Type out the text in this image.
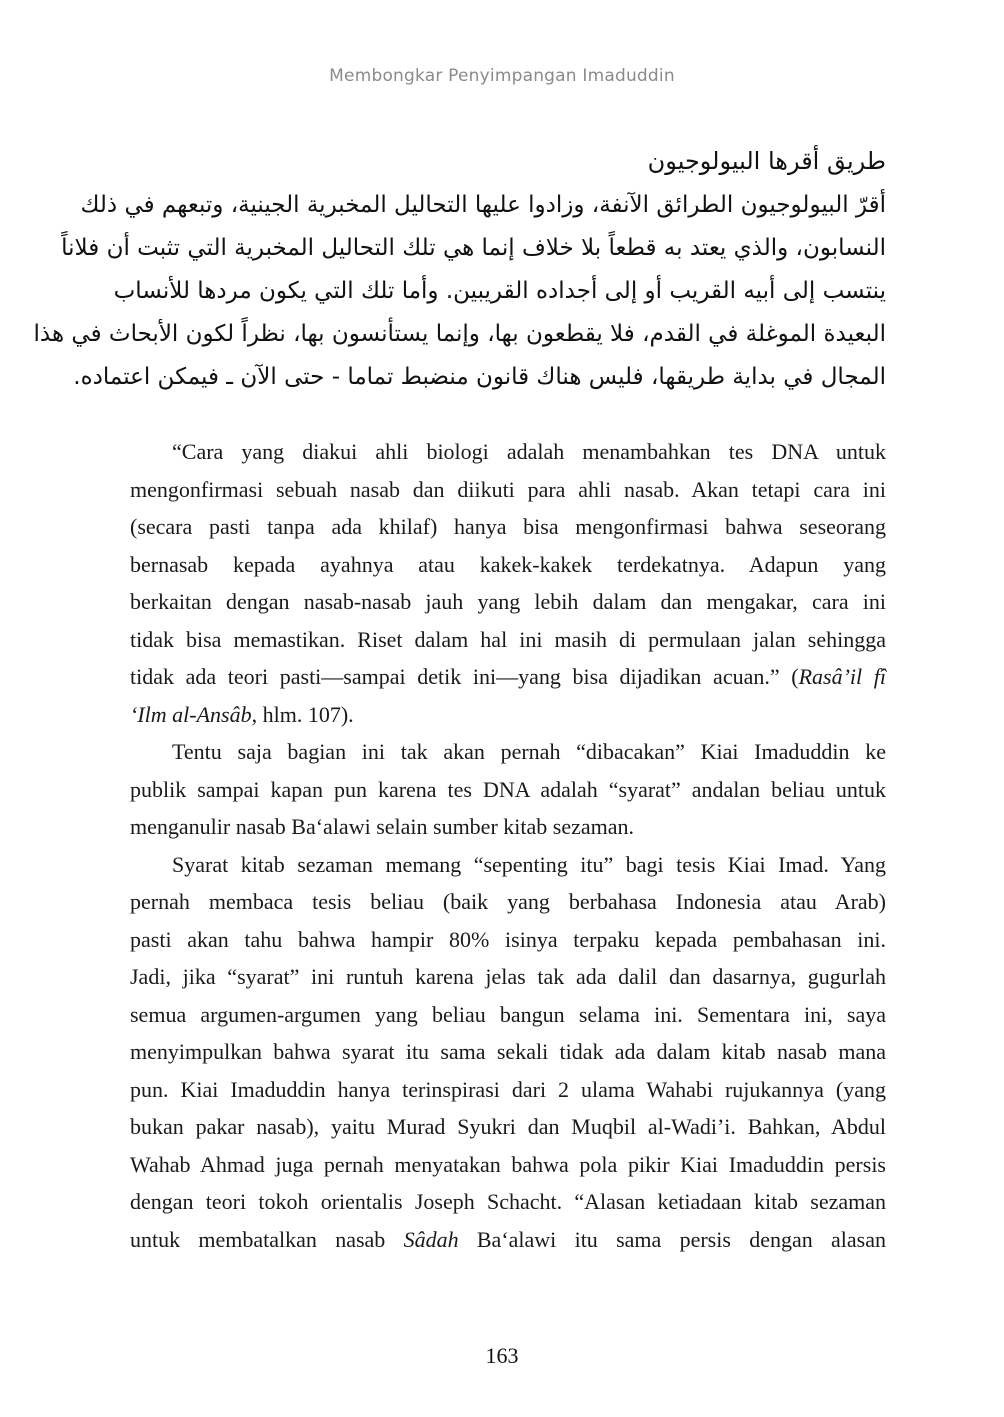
Membongkar Penyimpangan Imaduddin
طريق أقرها البيولوجيون
أقرّ البيولوجيون الطرائق الآنفة، وزادوا عليها التحاليل المخبرية الجينية، وتبعهم في ذلك
النسابون، والذي يعتد به قطعاً بلا خلاف إنما هي تلك التحاليل المخبرية التي تثبت أن فلاناً
ينتسب إلى أبيه القريب أو إلى أجداده القريبين. وأما تلك التي يكون مردها للأنساب
البعيدة الموغلة في القدم، فلا يقطعون بها، وإنما يستأنسون بها، نظراً لكون الأبحاث في هذا
المجال في بداية طريقها، فليس هناك قانون منضبط تماما - حتى الآن ـ فيمكن اعتماده.

“Cara yang diakui ahli biologi adalah menambahkan tes DNA untuk
mengonfirmasi sebuah nasab dan diikuti para ahli nasab. Akan tetapi cara ini
(secara pasti tanpa ada khilaf) hanya bisa mengonfirmasi bahwa seseorang
bernasab kepada ayahnya atau kakek-kakek terdekatnya. Adapun yang
berkaitan dengan nasab-nasab jauh yang lebih dalam dan mengakar, cara ini
tidak bisa memastikan. Riset dalam hal ini masih di permulaan jalan sehingga
tidak ada teori pasti—sampai detik ini—yang bisa dijadikan acuan.” (Rasâ’il fî
‘Ilm al-Ansâb, hlm. 107).

Tentu saja bagian ini tak akan pernah “dibacakan” Kiai Imaduddin ke
publik sampai kapan pun karena tes DNA adalah “syarat” andalan beliau untuk
menganulir nasab Ba‘alawi selain sumber kitab sezaman.

Syarat kitab sezaman memang “sepenting itu” bagi tesis Kiai Imad. Yang
pernah membaca tesis beliau (baik yang berbahasa Indonesia atau Arab)
pasti akan tahu bahwa hampir 80% isinya terpaku kepada pembahasan ini.
Jadi, jika “syarat” ini runtuh karena jelas tak ada dalil dan dasarnya, gugurlah
semua argumen-argumen yang beliau bangun selama ini. Sementara ini, saya
menyimpulkan bahwa syarat itu sama sekali tidak ada dalam kitab nasab mana
pun. Kiai Imaduddin hanya terinspirasi dari 2 ulama Wahabi rujukannya (yang
bukan pakar nasab), yaitu Murad Syukri dan Muqbil al-Wadi’i. Bahkan, Abdul
Wahab Ahmad juga pernah menyatakan bahwa pola pikir Kiai Imaduddin persis
dengan teori tokoh orientalis Joseph Schacht. “Alasan ketiadaan kitab sezaman
untuk membatalkan nasab Sâdah Ba‘alawi itu sama persis dengan alasan

163
